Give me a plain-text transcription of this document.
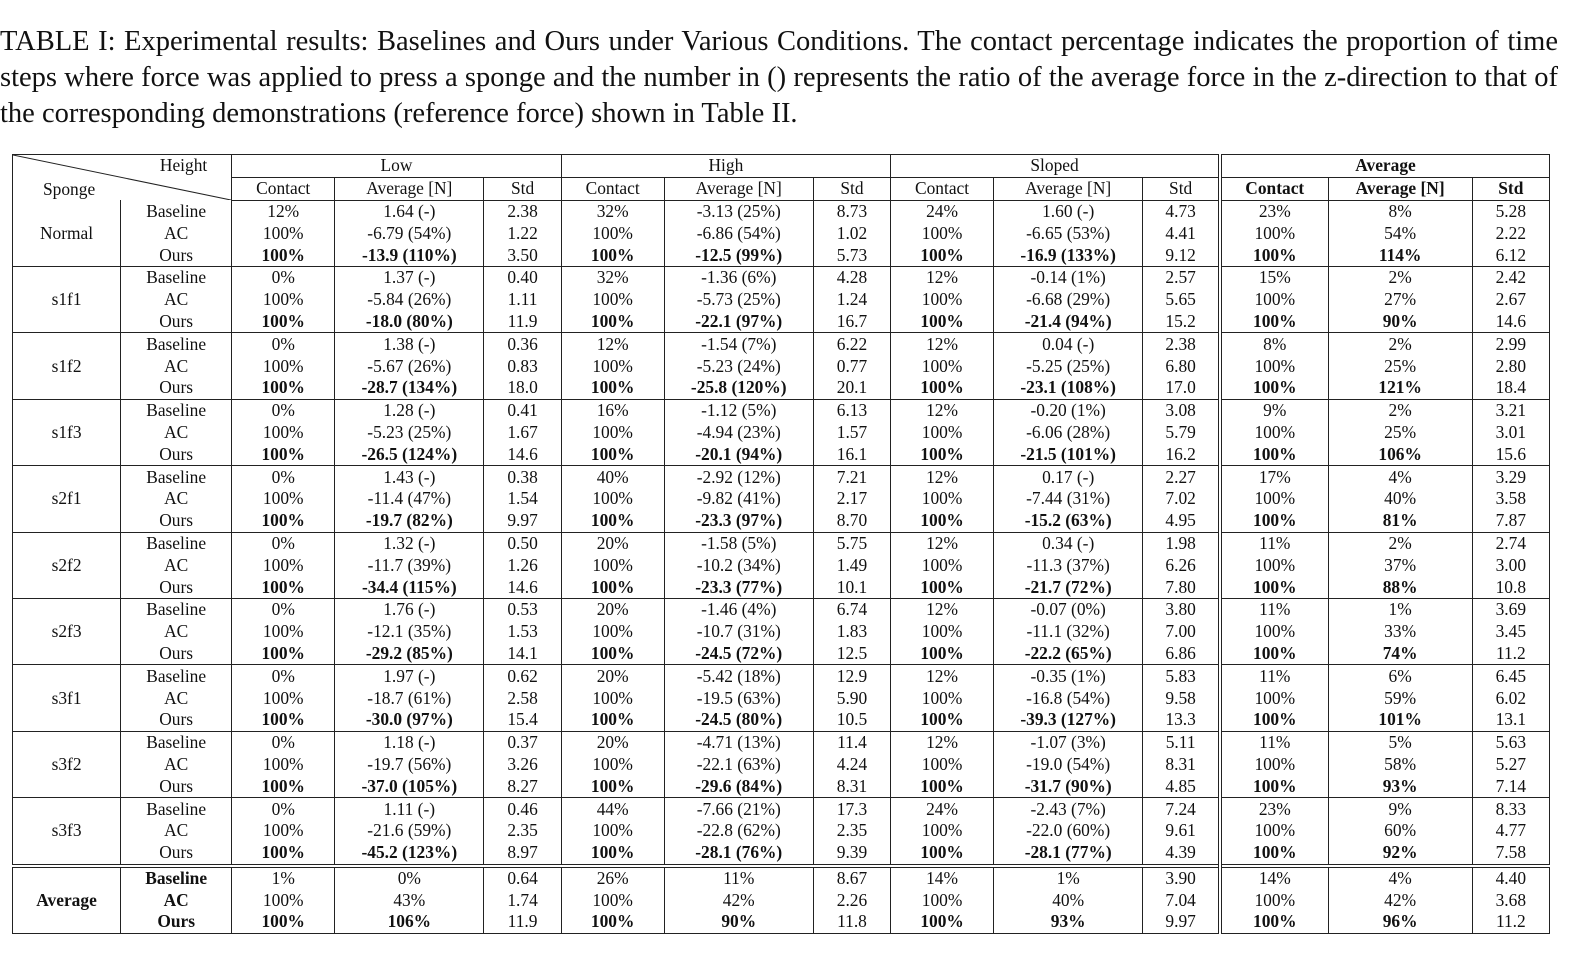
TABLE I: Experimental results: Baselines and Ours under Various Conditions. The contact percentage indicates the proportion of time steps where force was applied to press a sponge and the number in () represents the ratio of the average force in the z-direction to that of the corresponding demonstrations (reference force) shown in Table II.

Height
Sponge		Low			High			Sloped			Average		
		Contact	Average [N]	Std	Contact	Average [N]	Std	Contact	Average [N]	Std	Contact	Average [N]	Std
Normal	Baseline	12%	1.64 (-)	2.38	32%	-3.13 (25%)	8.73	24%	1.60 (-)	4.73	23%	8%	5.28
	AC	100%	-6.79 (54%)	1.22	100%	-6.86 (54%)	1.02	100%	-6.65 (53%)	4.41	100%	54%	2.22
	Ours	100%	-13.9 (110%)	3.50	100%	-12.5 (99%)	5.73	100%	-16.9 (133%)	9.12	100%	114%	6.12
s1f1	Baseline	0%	1.37 (-)	0.40	32%	-1.36 (6%)	4.28	12%	-0.14 (1%)	2.57	15%	2%	2.42
	AC	100%	-5.84 (26%)	1.11	100%	-5.73 (25%)	1.24	100%	-6.68 (29%)	5.65	100%	27%	2.67
	Ours	100%	-18.0 (80%)	11.9	100%	-22.1 (97%)	16.7	100%	-21.4 (94%)	15.2	100%	90%	14.6
s1f2	Baseline	0%	1.38 (-)	0.36	12%	-1.54 (7%)	6.22	12%	0.04 (-)	2.38	8%	2%	2.99
	AC	100%	-5.67 (26%)	0.83	100%	-5.23 (24%)	0.77	100%	-5.25 (25%)	6.80	100%	25%	2.80
	Ours	100%	-28.7 (134%)	18.0	100%	-25.8 (120%)	20.1	100%	-23.1 (108%)	17.0	100%	121%	18.4
s1f3	Baseline	0%	1.28 (-)	0.41	16%	-1.12 (5%)	6.13	12%	-0.20 (1%)	3.08	9%	2%	3.21
	AC	100%	-5.23 (25%)	1.67	100%	-4.94 (23%)	1.57	100%	-6.06 (28%)	5.79	100%	25%	3.01
	Ours	100%	-26.5 (124%)	14.6	100%	-20.1 (94%)	16.1	100%	-21.5 (101%)	16.2	100%	106%	15.6
s2f1	Baseline	0%	1.43 (-)	0.38	40%	-2.92 (12%)	7.21	12%	0.17 (-)	2.27	17%	4%	3.29
	AC	100%	-11.4 (47%)	1.54	100%	-9.82 (41%)	2.17	100%	-7.44 (31%)	7.02	100%	40%	3.58
	Ours	100%	-19.7 (82%)	9.97	100%	-23.3 (97%)	8.70	100%	-15.2 (63%)	4.95	100%	81%	7.87
s2f2	Baseline	0%	1.32 (-)	0.50	20%	-1.58 (5%)	5.75	12%	0.34 (-)	1.98	11%	2%	2.74
	AC	100%	-11.7 (39%)	1.26	100%	-10.2 (34%)	1.49	100%	-11.3 (37%)	6.26	100%	37%	3.00
	Ours	100%	-34.4 (115%)	14.6	100%	-23.3 (77%)	10.1	100%	-21.7 (72%)	7.80	100%	88%	10.8
s2f3	Baseline	0%	1.76 (-)	0.53	20%	-1.46 (4%)	6.74	12%	-0.07 (0%)	3.80	11%	1%	3.69
	AC	100%	-12.1 (35%)	1.53	100%	-10.7 (31%)	1.83	100%	-11.1 (32%)	7.00	100%	33%	3.45
	Ours	100%	-29.2 (85%)	14.1	100%	-24.5 (72%)	12.5	100%	-22.2 (65%)	6.86	100%	74%	11.2
s3f1	Baseline	0%	1.97 (-)	0.62	20%	-5.42 (18%)	12.9	12%	-0.35 (1%)	5.83	11%	6%	6.45
	AC	100%	-18.7 (61%)	2.58	100%	-19.5 (63%)	5.90	100%	-16.8 (54%)	9.58	100%	59%	6.02
	Ours	100%	-30.0 (97%)	15.4	100%	-24.5 (80%)	10.5	100%	-39.3 (127%)	13.3	100%	101%	13.1
s3f2	Baseline	0%	1.18 (-)	0.37	20%	-4.71 (13%)	11.4	12%	-1.07 (3%)	5.11	11%	5%	5.63
	AC	100%	-19.7 (56%)	3.26	100%	-22.1 (63%)	4.24	100%	-19.0 (54%)	8.31	100%	58%	5.27
	Ours	100%	-37.0 (105%)	8.27	100%	-29.6 (84%)	8.31	100%	-31.7 (90%)	4.85	100%	93%	7.14
s3f3	Baseline	0%	1.11 (-)	0.46	44%	-7.66 (21%)	17.3	24%	-2.43 (7%)	7.24	23%	9%	8.33
	AC	100%	-21.6 (59%)	2.35	100%	-22.8 (62%)	2.35	100%	-22.0 (60%)	9.61	100%	60%	4.77
	Ours	100%	-45.2 (123%)	8.97	100%	-28.1 (76%)	9.39	100%	-28.1 (77%)	4.39	100%	92%	7.58
Average	Baseline	1%	0%	0.64	26%	11%	8.67	14%	1%	3.90	14%	4%	4.40
	AC	100%	43%	1.74	100%	42%	2.26	100%	40%	7.04	100%	42%	3.68
	Ours	100%	106%	11.9	100%	90%	11.8	100%	93%	9.97	100%	96%	11.2
